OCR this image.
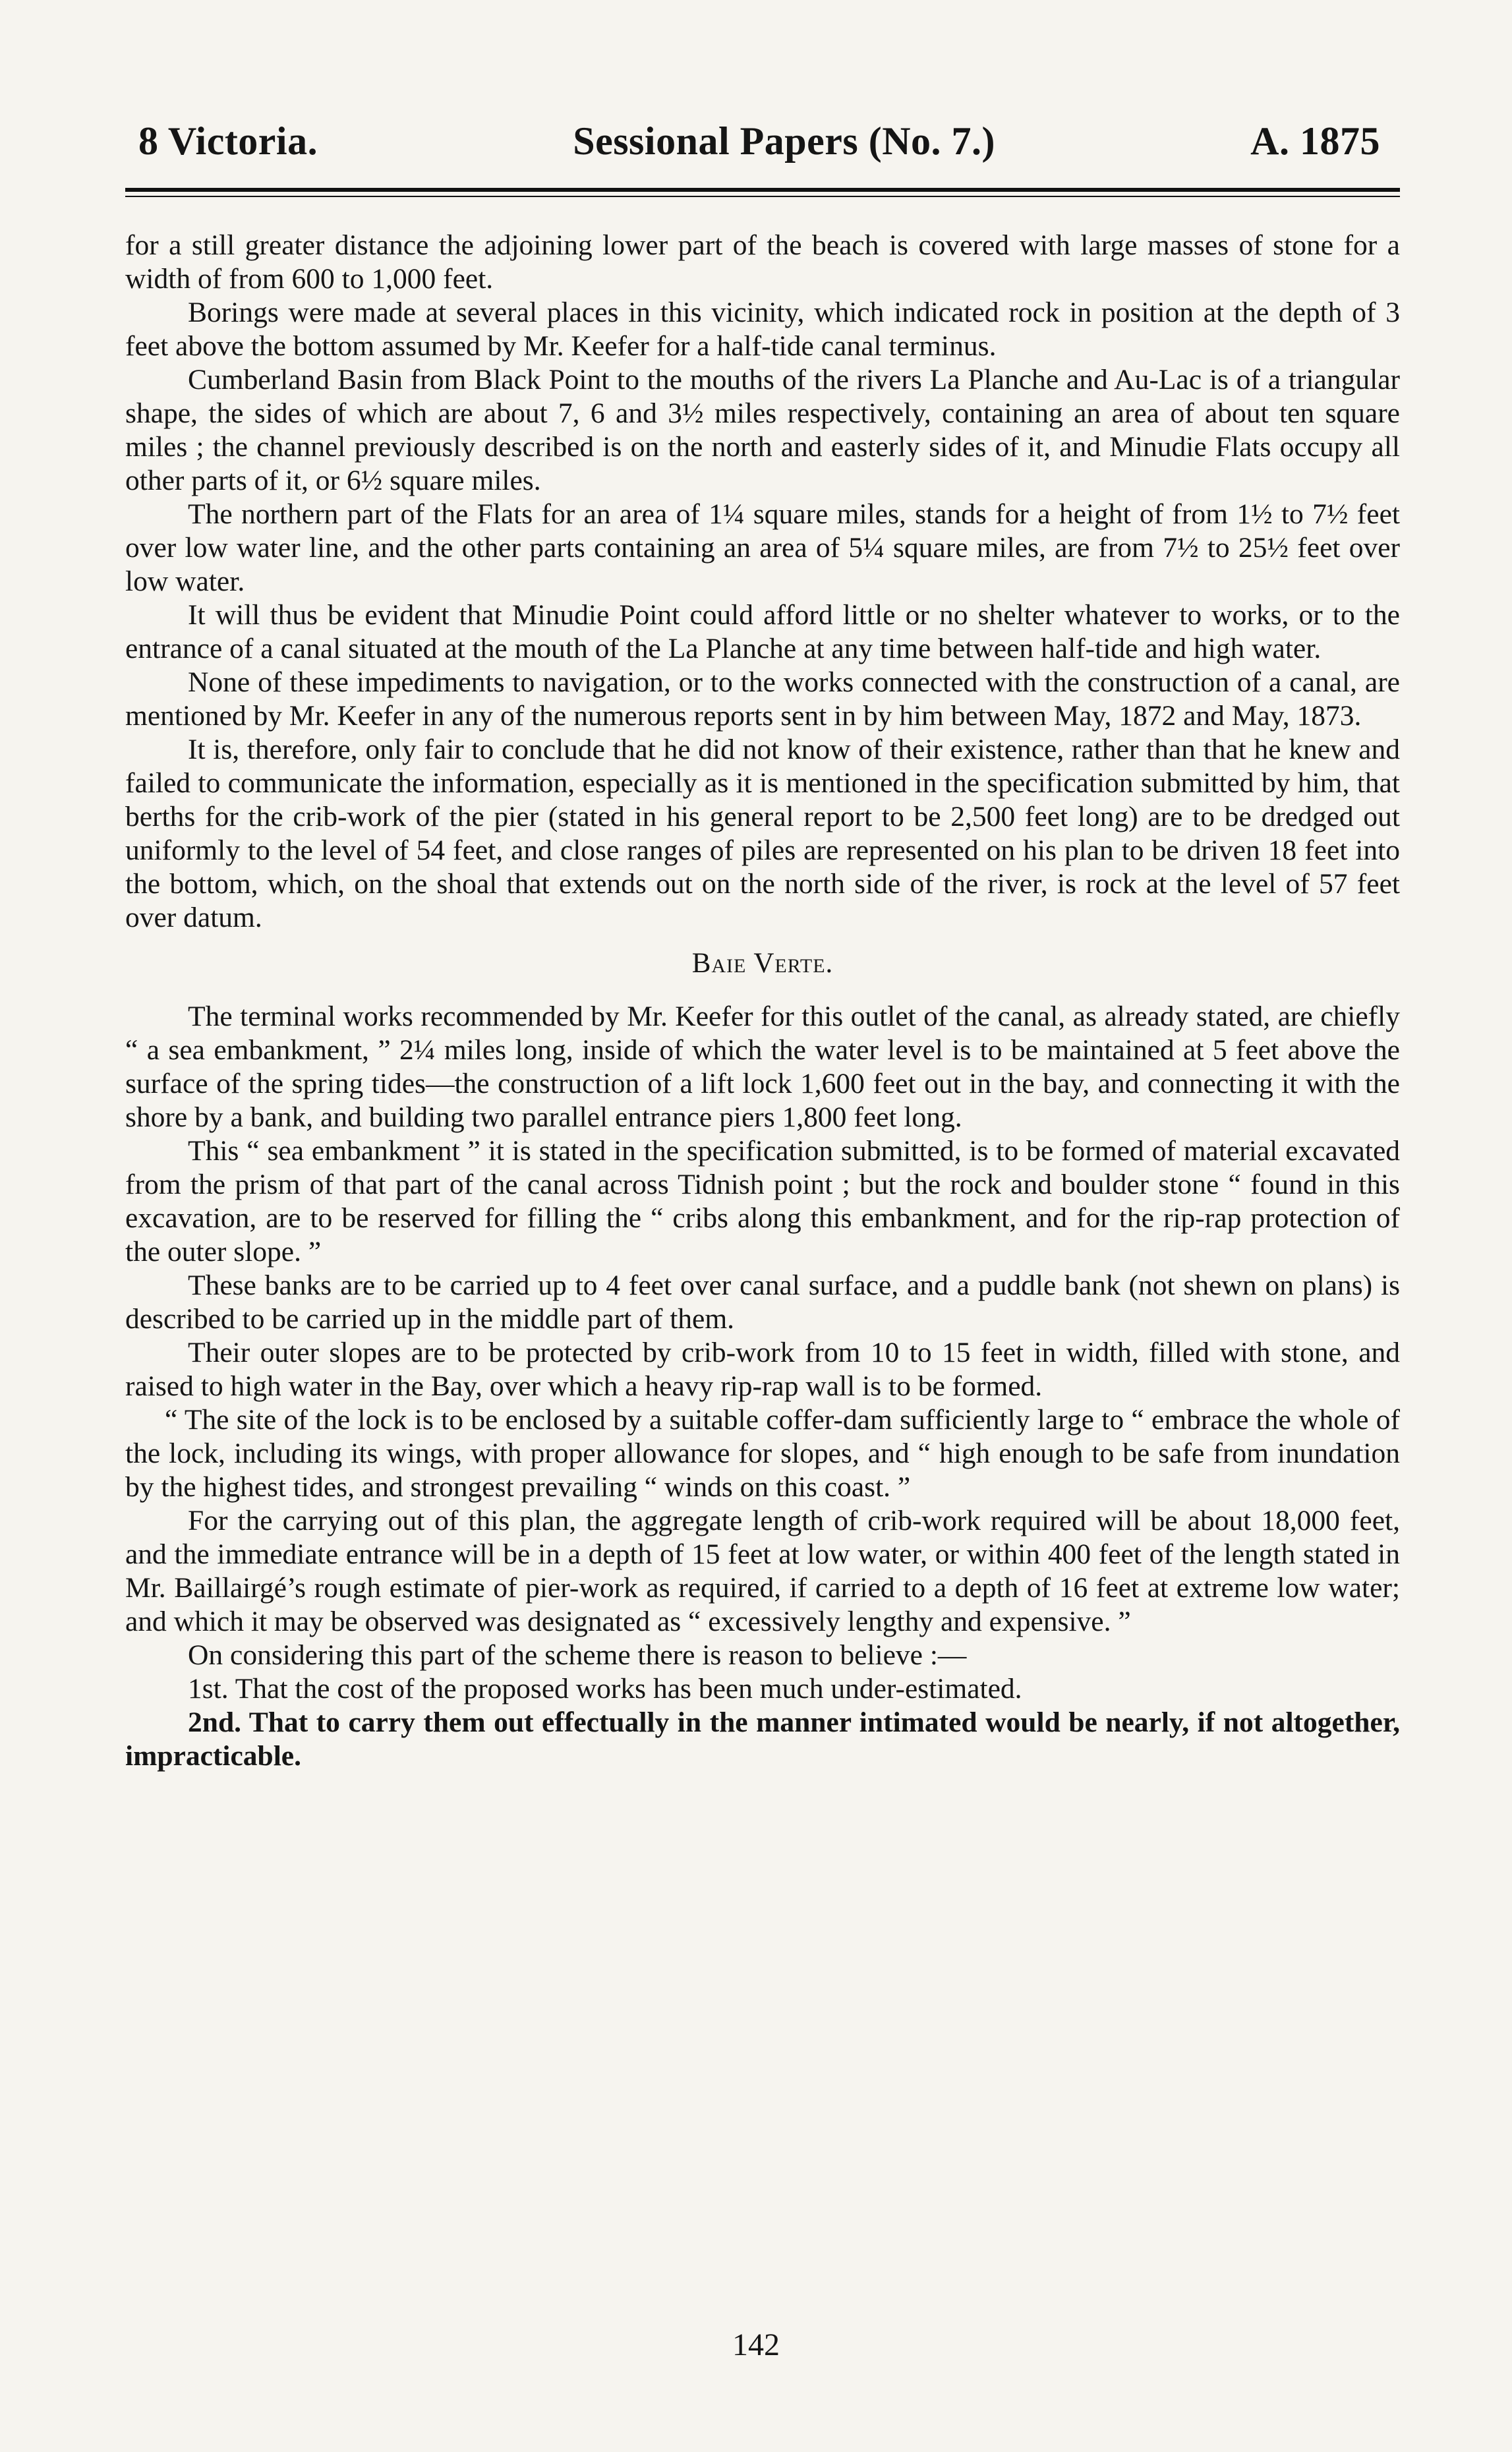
8 Victoria.	Sessional Papers (No. 7.)	A. 1875

for a still greater distance the adjoining lower part of the beach is covered with large masses of stone for a width of from 600 to 1,000 feet.

Borings were made at several places in this vicinity, which indicated rock in position at the depth of 3 feet above the bottom assumed by Mr. Keefer for a half-tide canal terminus.

Cumberland Basin from Black Point to the mouths of the rivers La Planche and Au-Lac is of a triangular shape, the sides of which are about 7, 6 and 3½ miles respectively, containing an area of about ten square miles ; the channel previously described is on the north and easterly sides of it, and Minudie Flats occupy all other parts of it, or 6½ square miles.

The northern part of the Flats for an area of 1¼ square miles, stands for a height of from 1½ to 7½ feet over low water line, and the other parts containing an area of 5¼ square miles, are from 7½ to 25½ feet over low water.

It will thus be evident that Minudie Point could afford little or no shelter whatever to works, or to the entrance of a canal situated at the mouth of the La Planche at any time between half-tide and high water.

None of these impediments to navigation, or to the works connected with the construction of a canal, are mentioned by Mr. Keefer in any of the numerous reports sent in by him between May, 1872 and May, 1873.

It is, therefore, only fair to conclude that he did not know of their existence, rather than that he knew and failed to communicate the information, especially as it is mentioned in the specification submitted by him, that berths for the crib-work of the pier (stated in his general report to be 2,500 feet long) are to be dredged out uniformly to the level of 54 feet, and close ranges of piles are represented on his plan to be driven 18 feet into the bottom, which, on the shoal that extends out on the north side of the river, is rock at the level of 57 feet over datum.

Baie Verte.

The terminal works recommended by Mr. Keefer for this outlet of the canal, as already stated, are chiefly “ a sea embankment, ” 2¼ miles long, inside of which the water level is to be maintained at 5 feet above the surface of the spring tides—the construction of a lift lock 1,600 feet out in the bay, and connecting it with the shore by a bank, and building two parallel entrance piers 1,800 feet long.

This “ sea embankment ” it is stated in the specification submitted, is to be formed of material excavated from the prism of that part of the canal across Tidnish point ; but the rock and boulder stone “ found in this excavation, are to be reserved for filling the “ cribs along this embankment, and for the rip-rap protection of the outer slope. ”

These banks are to be carried up to 4 feet over canal surface, and a puddle bank (not shewn on plans) is described to be carried up in the middle part of them.

Their outer slopes are to be protected by crib-work from 10 to 15 feet in width, filled with stone, and raised to high water in the Bay, over which a heavy rip-rap wall is to be formed.

“ The site of the lock is to be enclosed by a suitable coffer-dam sufficiently large to “ embrace the whole of the lock, including its wings, with proper allowance for slopes, and “ high enough to be safe from inundation by the highest tides, and strongest prevailing “ winds on this coast. ”

For the carrying out of this plan, the aggregate length of crib-work required will be about 18,000 feet, and the immediate entrance will be in a depth of 15 feet at low water, or within 400 feet of the length stated in Mr. Baillairgé’s rough estimate of pier-work as required, if carried to a depth of 16 feet at extreme low water; and which it may be observed was designated as “ excessively lengthy and expensive. ”

On considering this part of the scheme there is reason to believe :—

1st. That the cost of the proposed works has been much under-estimated.

2nd. That to carry them out effectually in the manner intimated would be nearly, if not altogether, impracticable.

142
